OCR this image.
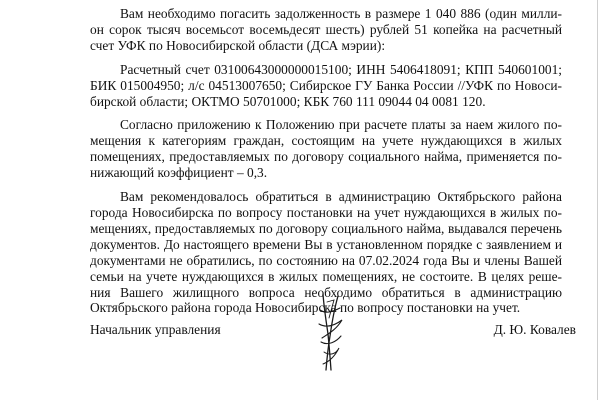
Вам необходимо погасить задолженность в размере 1 040 886 (один милли-

он сорок тысяч восемьсот восемьдесят шесть) рублей 51 копейка на расчетный

счет УФК по Новосибирской области (ДСА мэрии):

Расчетный счет 03100643000000015100; ИНН 5406418091; КПП 540601001;

БИК 015004950; л/с 04513007650; Сибирское ГУ Банка России //УФК по Новоси-

бирской области; ОКТМО 50701000; КБК 760 111 09044 04 0081 120.

Согласно приложению к Положению при расчете платы за наем жилого по-

мещения к категориям граждан, состоящим на учете нуждающихся в жилых

помещениях, предоставляемых по договору социального найма, применяется по-

нижающий коэффициент – 0,3.

Вам рекомендовалось обратиться в администрацию Октябрьского района

города Новосибирска по вопросу постановки на учет нуждающихся в жилых по-

мещениях, предоставляемых по договору социального найма, выдавался перечень

документов. До настоящего времени Вы в установленном порядке с заявлением и

документами не обратились, по состоянию на 07.02.2024 года Вы и члены Вашей

семьи на учете нуждающихся в жилых помещениях, не состоите. В целях реше-

ния Вашего жилищного вопроса необходимо обратиться в администрацию

Октябрьского района города Новосибирска по вопросу постановки на учет.

Начальник управления	Д. Ю. Ковалев
